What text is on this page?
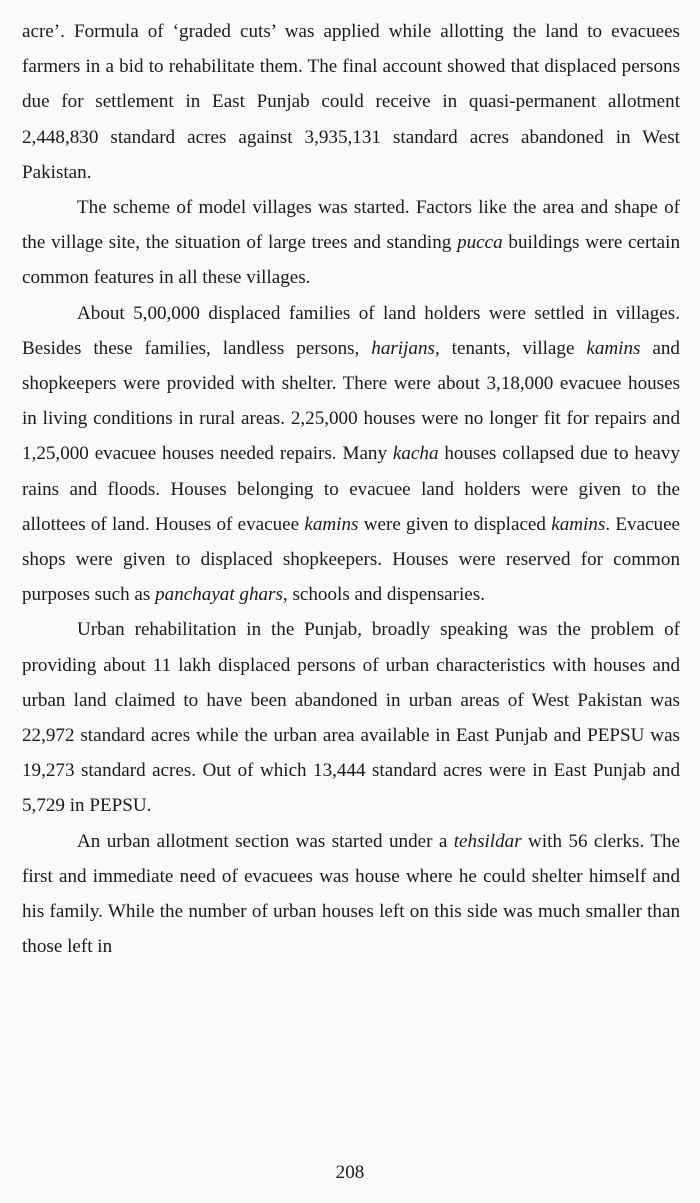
acre’. Formula of ‘graded cuts’ was applied while allotting the land to evacuees farmers in a bid to rehabilitate them. The final account showed that displaced persons due for settlement in East Punjab could receive in quasi-permanent allotment 2,448,830 standard acres against 3,935,131 standard acres abandoned in West Pakistan.

The scheme of model villages was started. Factors like the area and shape of the village site, the situation of large trees and standing pucca buildings were certain common features in all these villages.

About 5,00,000 displaced families of land holders were settled in villages. Besides these families, landless persons, harijans, tenants, village kamins and shopkeepers were provided with shelter. There were about 3,18,000 evacuee houses in living conditions in rural areas. 2,25,000 houses were no longer fit for repairs and 1,25,000 evacuee houses needed repairs. Many kacha houses collapsed due to heavy rains and floods. Houses belonging to evacuee land holders were given to the allottees of land. Houses of evacuee kamins were given to displaced kamins. Evacuee shops were given to displaced shopkeepers. Houses were reserved for common purposes such as panchayat ghars, schools and dispensaries.

Urban rehabilitation in the Punjab, broadly speaking was the problem of providing about 11 lakh displaced persons of urban characteristics with houses and urban land claimed to have been abandoned in urban areas of West Pakistan was 22,972 standard acres while the urban area available in East Punjab and PEPSU was 19,273 standard acres. Out of which 13,444 standard acres were in East Punjab and 5,729 in PEPSU.

An urban allotment section was started under a tehsildar with 56 clerks. The first and immediate need of evacuees was house where he could shelter himself and his family. While the number of urban houses left on this side was much smaller than those left in

208
